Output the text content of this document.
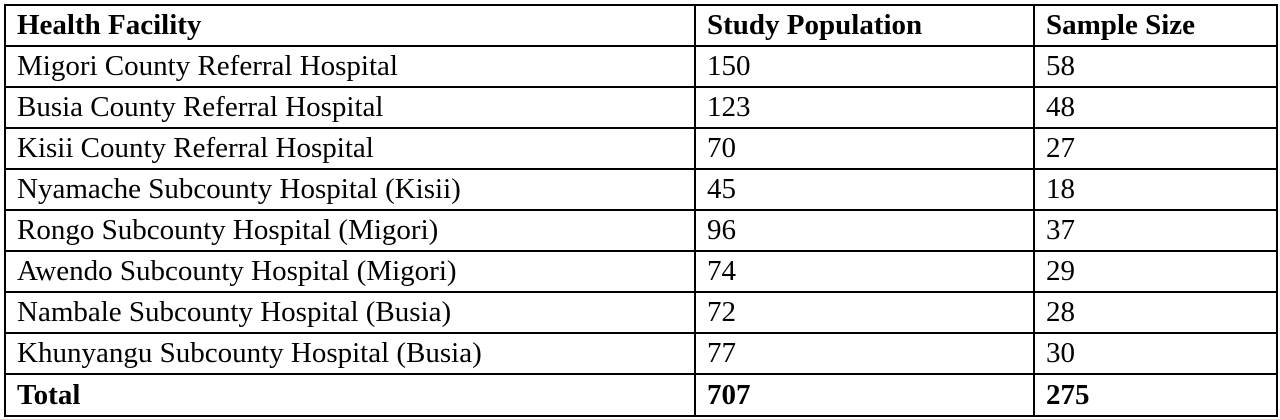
Health Facility	Study Population	Sample Size
Migori County Referral Hospital	150	58
Busia County Referral Hospital	123	48
Kisii County Referral Hospital	70	27
Nyamache Subcounty Hospital (Kisii)	45	18
Rongo Subcounty Hospital (Migori)	96	37
Awendo Subcounty Hospital (Migori)	74	29
Nambale Subcounty Hospital (Busia)	72	28
Khunyangu Subcounty Hospital (Busia)	77	30
Total	707	275
